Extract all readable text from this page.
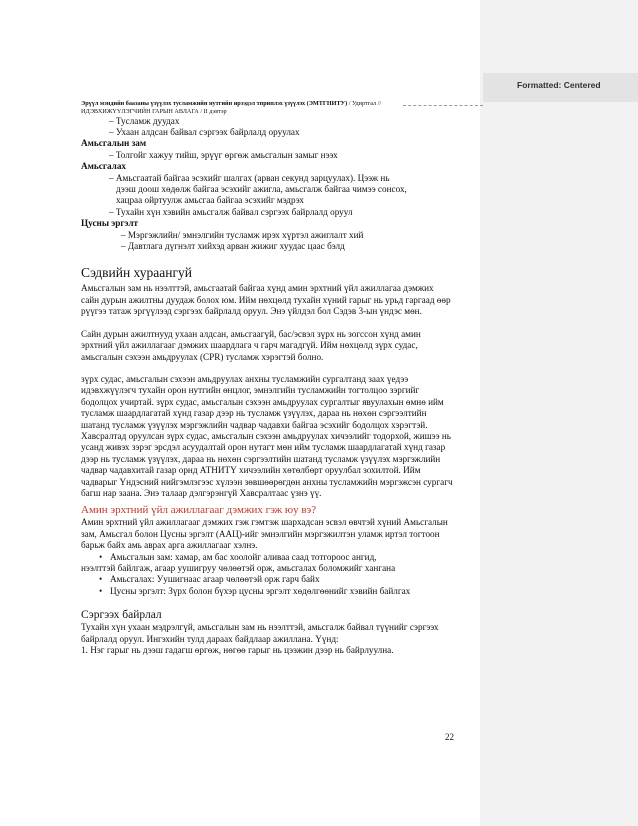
Formatted: Centered

Эрүүл мэндийн баазаны үзүүлэх тусламжийн нутгийн ирээдэл тприплэх үзүүлэх (ЭМТГНИТУ) / Удиртгал //
ИДЭВХИЖҮҮЛЭГЧИЙН ГАРЫН АВЛАГА / II дэвтэр

– Тусламж дуудах

– Ухаан алдсан байвал сэргээх байрлалд оруулах

Амьсгалын зам

– Толгойг хажуу тийш, эрүүг өргөж амьсгалын замыг нээх

Амьсгалах

– Амьсгаатай байгаа эсэхийг шалгах (арван секунд зарцуулах). Цээж нь
дээш доош хөдөлж байгаа эсэхийг ажигла, амьсгалж байгаа чимээ сонсох,
хацраа ойртуулж амьсгаа байгаа эсэхийг мэдрэх

– Тухайн хүн хэвийн амьсгалж байвал сэргээх байрлалд оруул

Цусны эргэлт

– Мэргэжлийн/ эмнэлгийн тусламж ирэх хүртэл ажиглалт хий

– Давтлага дүгнэлт хийхэд арван жижиг хуудас цаас бэлд

Сэдвийн хураангуй

Амьсгалын зам нь нээлттэй, амьсгаатай байгаа хүнд амин эрхтний үйл ажиллагаа дэмжих сайн дурын ажилтны дуудаж болох юм. Ийм нөхцөлд тухайн хүний гарыг нь урьд гаргаад өөр рүүгээ татаж эргүүлээд сэргээх байрлалд оруул. Энэ үйлдэл бол Сэдэв 3-ын үндэс мөн.

Сайн дурын ажилтнууд ухаан алдсан, амьсгаагүй, бас/эсвэл зүрх нь зогссон хүнд амин эрхтний үйл ажиллагааг дэмжих шаардлага ч гарч магадгүй. Ийм нөхцөлд зүрх судас, амьсгалын сэхээн амьдруулах (CPR) тусламж хэрэгтэй болно.

зүрх судас, амьсгалын сэхээн амьдруулах анхны тусламжийн сургалтанд заах үедээ идэвхжүүлэгч тухайн орон нутгийн өнцлог, эмнэлгийн тусламжийн тогтолцоо зэргийг бодолцох учиртай. зүрх судас, амьсгалын сэхээн амьдруулах сургалтыг явуулахын өмнө ийм тусламж шаардлагатай хүнд газар дээр нь тусламж үзүүлэх, дараа нь нөхөн сэргээлтийн шатанд тусламж үзүүлэх мэргэжлийн чадвар чадавхи байгаа эсэхийг бодолцох хэрэгтэй. Хавсралтад оруулсан зүрх судас, амьсгалын сэхээн амьдруулах хичээлийг тодорхой, жишээ нь усанд живэх зэрэг эрсдэл асуудалтай орон нутагт мөн ийм тусламж шаардлагатай хүнд газар дээр нь тусламж үзүүлэх, дараа нь нөхөн сэргээлтийн шатанд тусламж үзүүлэх мэргэжлийн чадвар чадавхитай газар орнд АТНИТҮ хичээлийн хөтөлбөрт оруулбал зохилтой. Ийм чадварыг Үндэсний нийгэмлэгээс хүлээн зөвшөөрөгдөн анхны тусламжийн мэргэжсэн сургагч багш нар заана. Энэ талаар дэлгэрэнгүй Хавсралтаас үзнэ үү.

Амин эрхтний үйл ажиллагааг дэмжих гэж юу вэ?

Амин эрхтний үйл ажиллагааг дэмжих гэж гэмтэж шархадсан эсвэл өвчтэй хүний Амьсгалын зам, Амьсгал болон Цусны эргэлт (ААЦ)-ийг эмнэлгийн мэргэжилтэн уламж иртэл тогтоон барьж байх амь аврах арга ажиллагааг хэлнэ.

• Амьсгалын зам: хамар, ам бас хоолойг аливаа саад тотгороос ангид,

нээлттэй байлгаж, агаар уушигруу чөлөөтэй орж, амьсгалах боломжийг хангана

• Амьсгалах: Уушигнаас агаар чөлөөтэй орж гарч байх
• Цусны эргэлт: Зүрх болон бүхэр цусны эргэлт хөдөлгөөнийг хэвийн байлгах
Сэргээх байрлал

Тухайн хүн ухаан мэдрэлгүй, амьсгалын зам нь нээлттэй, амьсгалж байвал түүнийг сэргээх байрлалд оруул. Ингэхийн тулд дараах байдлаар ажиллана. Үүнд:

1. Нэг гарыг нь дээш гадагш өргөж, нөгөө гарыг нь цээжин дээр нь байрлуулна.

22
